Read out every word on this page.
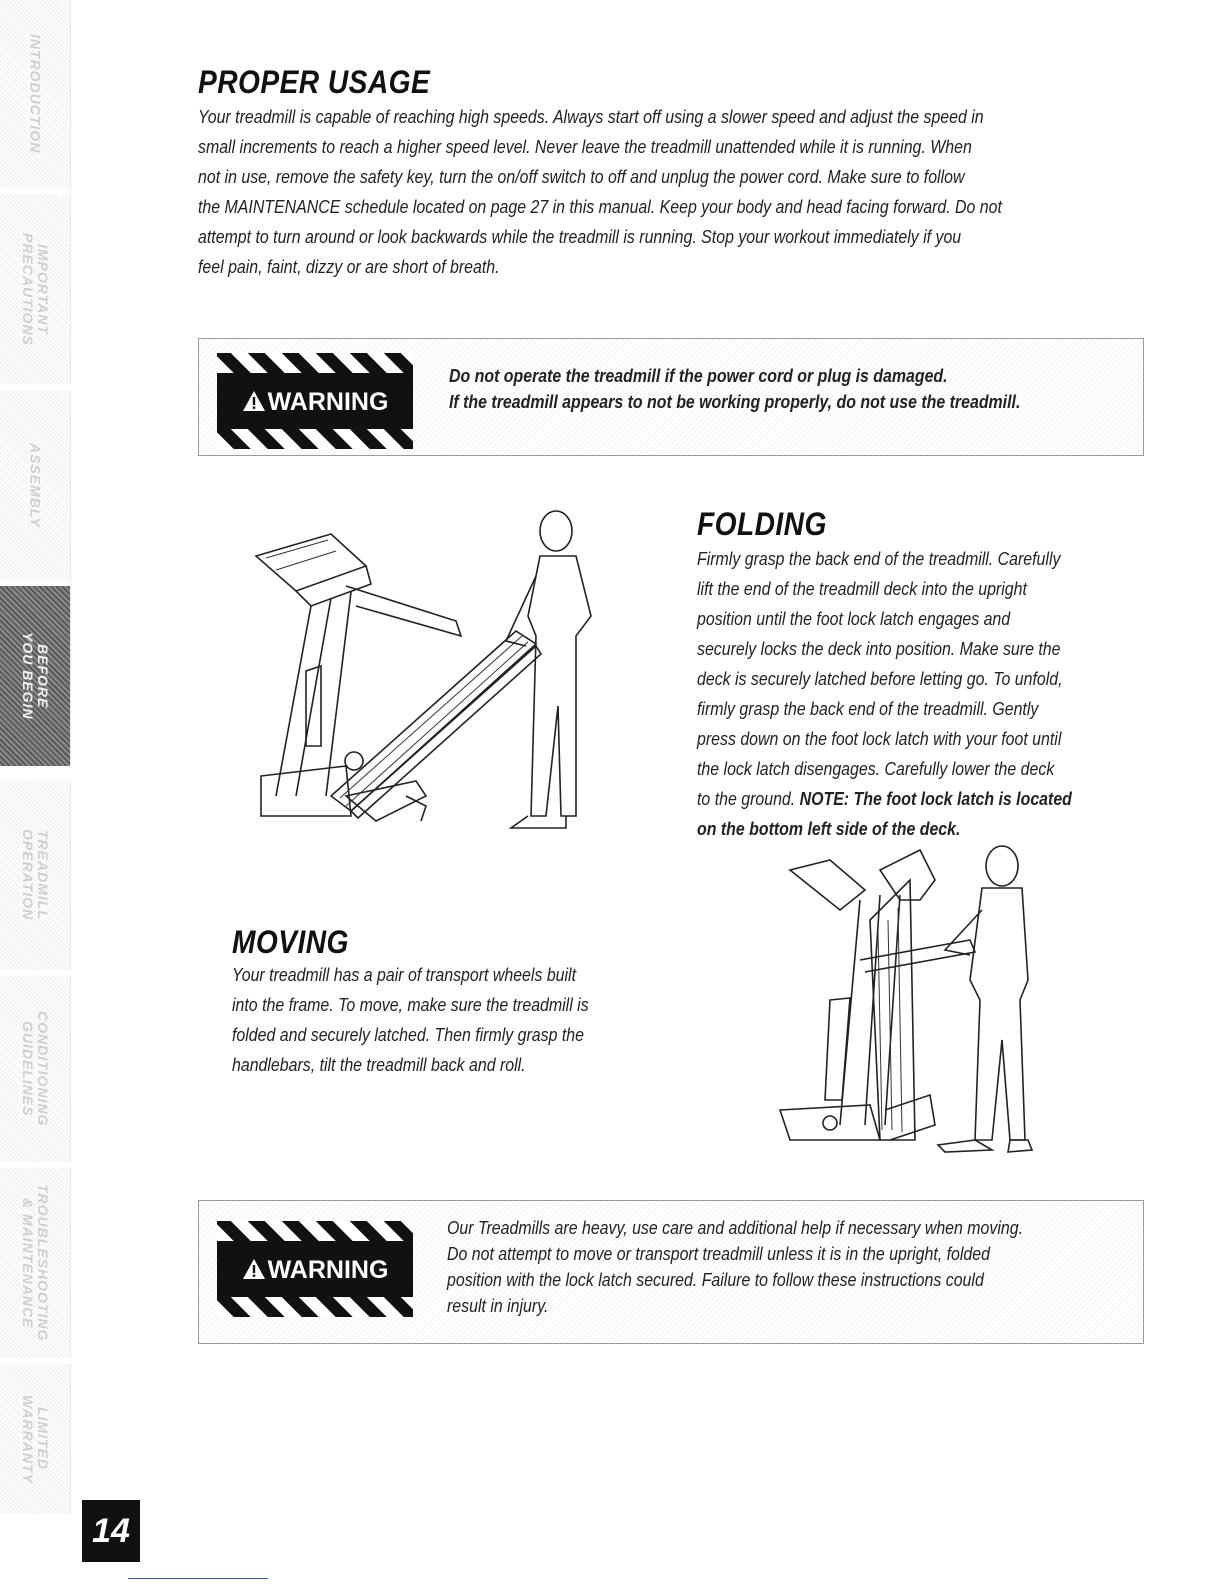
INTRODUCTION
IMPORTANT
PRECAUTIONS
ASSEMBLY
BEFORE
YOU BEGIN
TREADMILL
OPERATION
CONDITIONING
GUIDELINES
TROUBLESHOOTING
& MAINTENANCE
LIMITED
WARRANTY
PROPER USAGE
Your treadmill is capable of reaching high speeds. Always start off using a slower speed and adjust the speed in
small increments to reach a higher speed level. Never leave the treadmill unattended while it is running. When
not in use, remove the safety key, turn the on/off switch to off and unplug the power cord. Make sure to follow
the MAINTENANCE schedule located on page 27 in this manual. Keep your body and head facing forward. Do not
attempt to turn around or look backwards while the treadmill is running. Stop your workout immediately if you
feel pain, faint, dizzy or are short of breath.
WARNING
Do not operate the treadmill if the power cord or plug is damaged.
If the treadmill appears to not be working properly, do not use the treadmill.
FOLDING
Firmly grasp the back end of the treadmill. Carefully
lift the end of the treadmill deck into the upright
position until the foot lock latch engages and
securely locks the deck into position. Make sure the
deck is securely latched before letting go. To unfold,
firmly grasp the back end of the treadmill. Gently
press down on the foot lock latch with your foot until
the lock latch disengages. Carefully lower the deck
to the ground. NOTE: The foot lock latch is located
on the bottom left side of the deck.
MOVING
Your treadmill has a pair of transport wheels built
into the frame. To move, make sure the treadmill is
folded and securely latched. Then firmly grasp the
handlebars, tilt the treadmill back and roll.
WARNING
Our Treadmills are heavy, use care and additional help if necessary when moving.
Do not attempt to move or transport treadmill unless it is in the upright, folded
position with the lock latch secured. Failure to follow these instructions could
result in injury.
14
